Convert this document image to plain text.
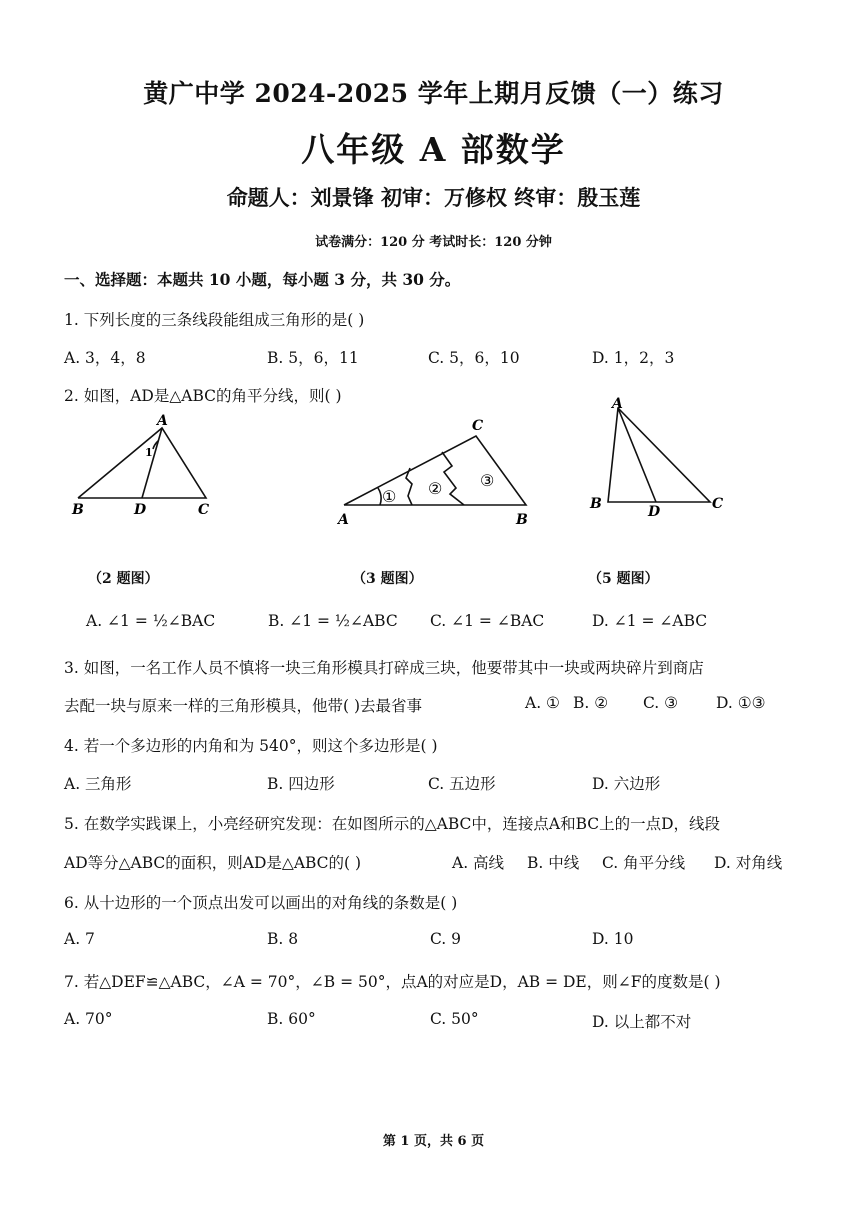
黄广中学 2024-2025 学年上期月反馈（一）练习
八年级 A 部数学
命题人：刘景锋 初审：万修权 终审：殷玉莲
试卷满分：120 分 考试时长：120 分钟
一、选择题：本题共 10 小题，每小题 3 分，共 30 分。
1. 下列长度的三条线段能组成三角形的是( )
A. 3，4，8	B. 5，6，11	C. 5，6，10	D. 1，2，3
2. 如图，AD是△ABC的角平分线，则( )
A
B	D	C
1
① ② ③
C
A	B
A
B	D	C
（2 题图）	（3 题图）	（5 题图）
A. ∠1 = ½∠BAC	B. ∠1 = ½∠ABC C. ∠1 = ∠BAC	D. ∠1 = ∠ABC
3. 如图，一名工作人员不慎将一块三角形模具打碎成三块，他要带其中一块或两块碎片到商店
去配一块与原来一样的三角形模具，他带( )去最省事	A. ① B. ② C. ③ D. ①③
4. 若一个多边形的内角和为 540°，则这个多边形是( )
A. 三角形	B. 四边形	C. 五边形	D. 六边形
5. 在数学实践课上，小亮经研究发现：在如图所示的△ABC中，连接点A和BC上的一点D，线段
AD等分△ABC的面积，则AD是△ABC的( )	A. 高线 B. 中线 C. 角平分线 D. 对角线
6. 从十边形的一个顶点出发可以画出的对角线的条数是( )
A. 7	B. 8	C. 9	D. 10
7. 若△DEF≌△ABC，∠A = 70°，∠B = 50°，点A的对应是D，AB = DE，则∠F的度数是( )
A. 70°	B. 60°	C. 50°	D. 以上都不对
第 1 页，共 6 页
